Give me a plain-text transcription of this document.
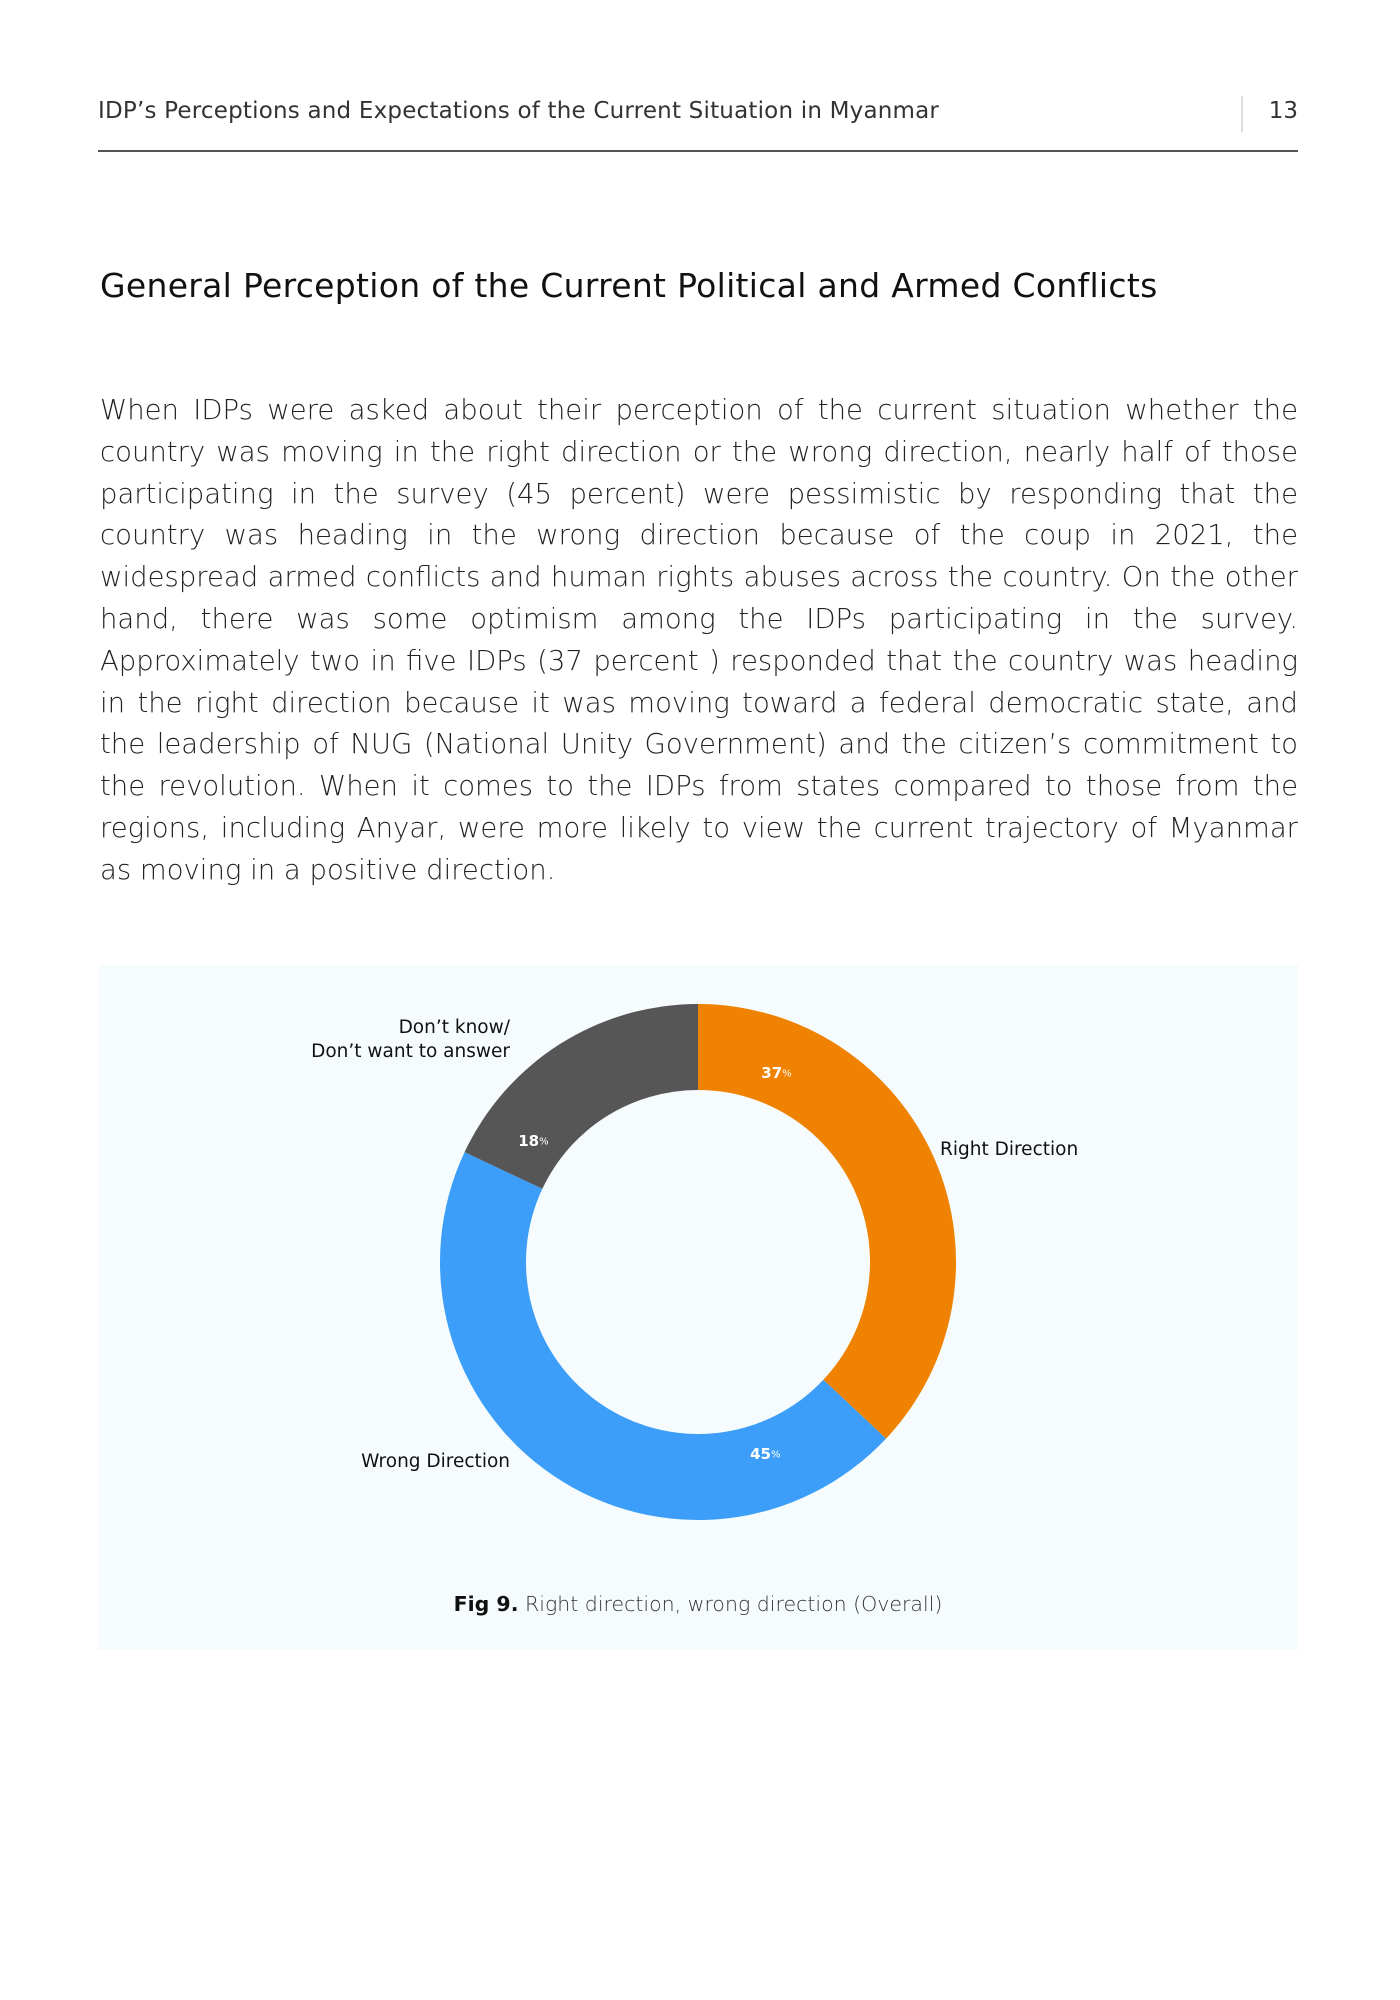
IDP’s Perceptions and Expectations of the Current Situation in Myanmar	13
General Perception of the Current Political and Armed Conflicts

When IDPs were asked about their perception of the current situation whether the country was moving in the right direction or the wrong direction, nearly half of those participating in the survey (45 percent) were pessimistic by responding that the country was heading in the wrong direction because of the coup in 2021, the widespread armed conflicts and human rights abuses across the country. On the other hand, there was some optimism among the IDPs participating in the survey. Approximately two in five IDPs (37 percent ) responded that the country was heading in the right direction because it was moving toward a federal democratic state, and the leadership of NUG (National Unity Government) and the citizen’s commitment to the revolution. When it comes to the IDPs from states compared to those from the regions, including Anyar, were more likely to view the current trajectory of Myanmar as moving in a positive direction.

37%
45%
18%	Right Direction
Wrong Direction
Don’t know/ Don’t want to answer
Fig 9. Right direction, wrong direction (Overall)
